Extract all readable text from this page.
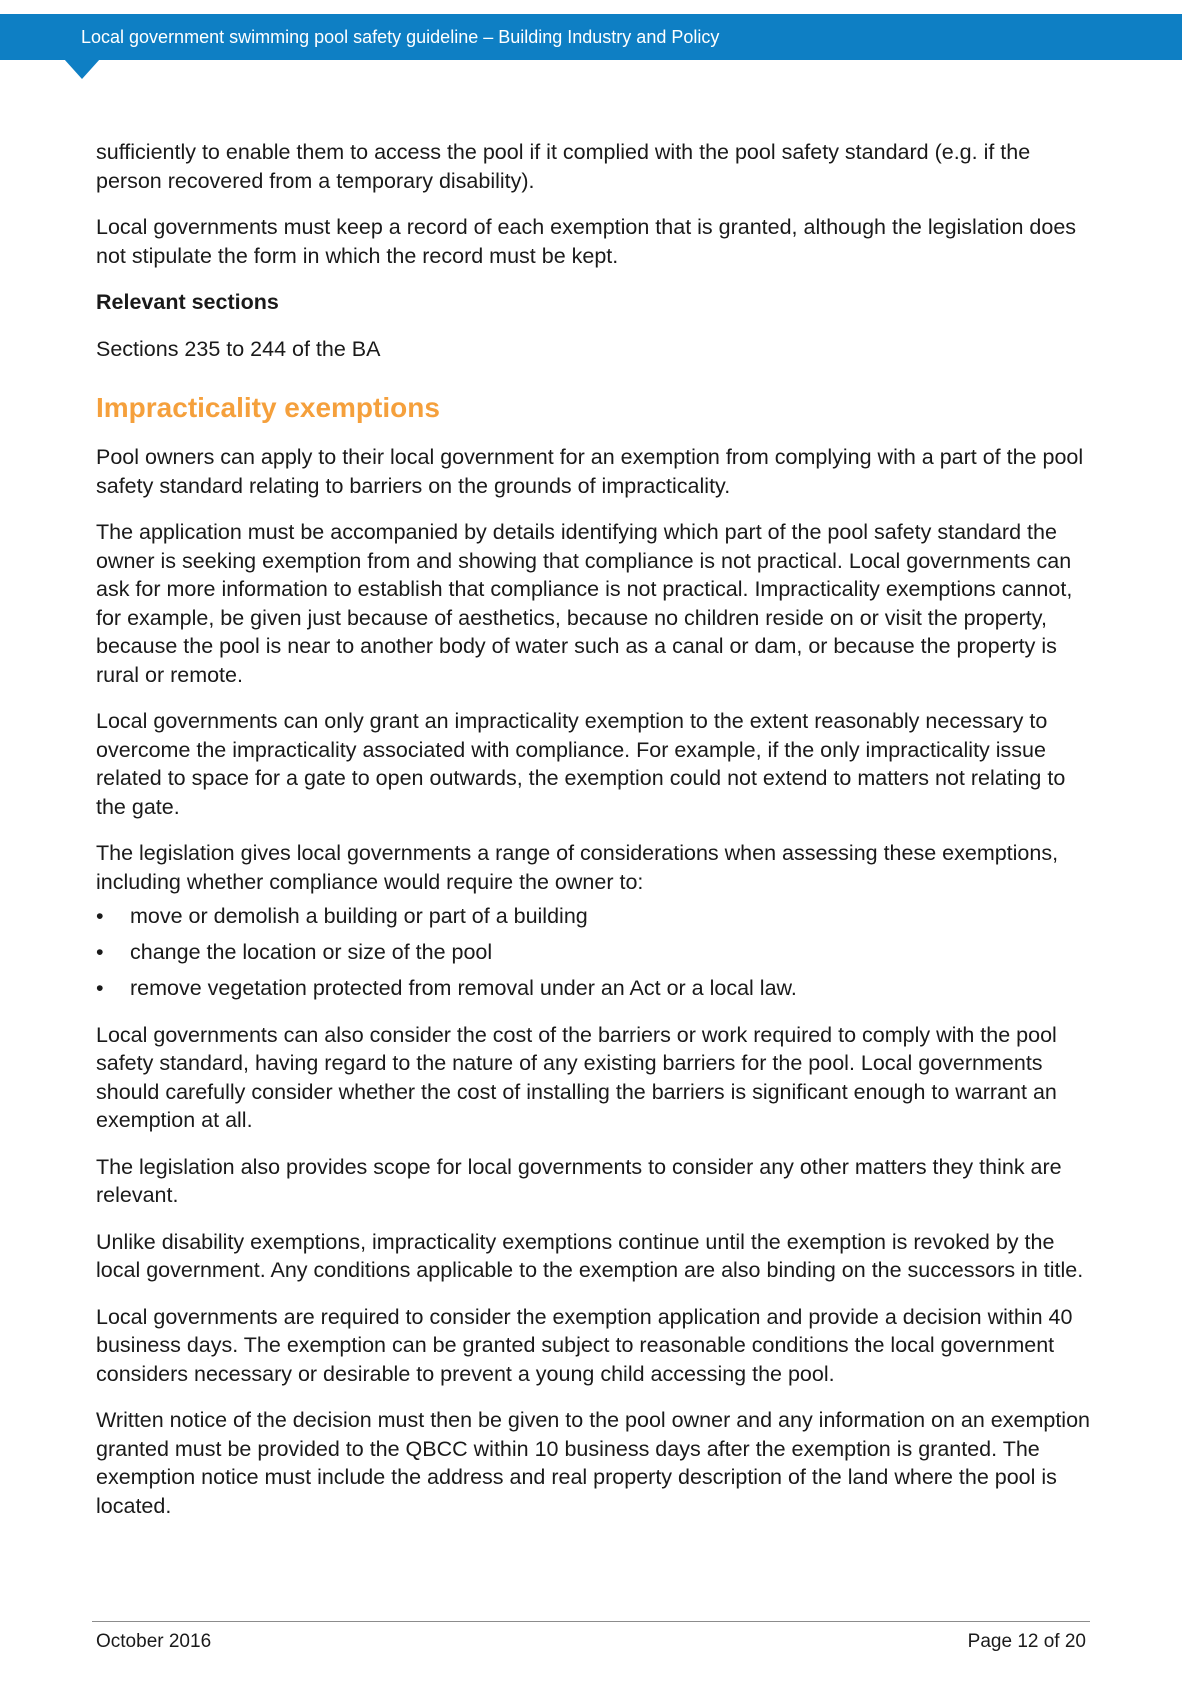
Local government swimming pool safety guideline – Building Industry and Policy

sufficiently to enable them to access the pool if it complied with the pool safety standard (e.g. if the person recovered from a temporary disability).

Local governments must keep a record of each exemption that is granted, although the legislation does not stipulate the form in which the record must be kept.

Relevant sections

Sections 235 to 244 of the BA

Impracticality exemptions

Pool owners can apply to their local government for an exemption from complying with a part of the pool safety standard relating to barriers on the grounds of impracticality.

The application must be accompanied by details identifying which part of the pool safety standard the owner is seeking exemption from and showing that compliance is not practical. Local governments can ask for more information to establish that compliance is not practical. Impracticality exemptions cannot, for example, be given just because of aesthetics, because no children reside on or visit the property, because the pool is near to another body of water such as a canal or dam, or because the property is rural or remote.

Local governments can only grant an impracticality exemption to the extent reasonably necessary to overcome the impracticality associated with compliance. For example, if the only impracticality issue related to space for a gate to open outwards, the exemption could not extend to matters not relating to the gate.

The legislation gives local governments a range of considerations when assessing these exemptions, including whether compliance would require the owner to:

•	move or demolish a building or part of a building
•	change the location or size of the pool
•	remove vegetation protected from removal under an Act or a local law.

Local governments can also consider the cost of the barriers or work required to comply with the pool safety standard, having regard to the nature of any existing barriers for the pool. Local governments should carefully consider whether the cost of installing the barriers is significant enough to warrant an exemption at all.

The legislation also provides scope for local governments to consider any other matters they think are relevant.

Unlike disability exemptions, impracticality exemptions continue until the exemption is revoked by the local government. Any conditions applicable to the exemption are also binding on the successors in title.

Local governments are required to consider the exemption application and provide a decision within 40 business days. The exemption can be granted subject to reasonable conditions the local government considers necessary or desirable to prevent a young child accessing the pool.

Written notice of the decision must then be given to the pool owner and any information on an exemption granted must be provided to the QBCC within 10 business days after the exemption is granted. The exemption notice must include the address and real property description of the land where the pool is located.

October 2016	Page 12 of 20
